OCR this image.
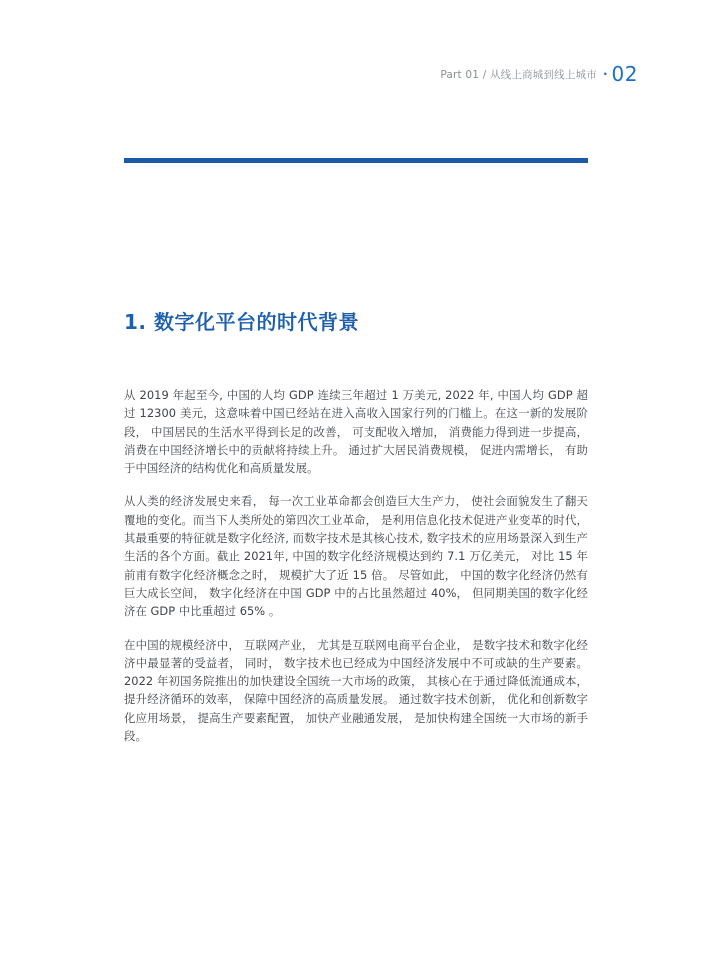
Part 01 / 从线上商城到线上城市 · 02
1. 数字化平台的时代背景

从 2019 年起至今, 中国的人均 GDP 连续三年超过 1 万美元, 2022 年, 中国人均 GDP 超过 12300 美元，这意味着中国已经站在进入高收入国家行列的门槛上。在这一新的发展阶段， 中国居民的生活水平得到长足的改善， 可支配收入增加， 消费能力得到进一步提高， 消费在中国经济增长中的贡献将持续上升。 通过扩大居民消费规模， 促进内需增长， 有助于中国经济的结构优化和高质量发展。

从人类的经济发展史来看， 每一次工业革命都会创造巨大生产力， 使社会面貌发生了翻天覆地的变化。而当下人类所处的第四次工业革命， 是利用信息化技术促进产业变革的时代， 其最重要的特征就是数字化经济, 而数字技术是其核心技术, 数字技术的应用场景深入到生产生活的各个方面。截止 2021年, 中国的数字化经济规模达到约 7.1 万亿美元， 对比 15 年前甫有数字化经济概念之时， 规模扩大了近 15 倍。 尽管如此， 中国的数字化经济仍然有巨大成长空间， 数字化经济在中国 GDP 中的占比虽然超过 40%， 但同期美国的数字化经济在 GDP 中比重超过 65% 。

在中国的规模经济中， 互联网产业， 尤其是互联网电商平台企业， 是数字技术和数字化经济中最显著的受益者， 同时， 数字技术也已经成为中国经济发展中不可或缺的生产要素。 2022 年初国务院推出的加快建设全国统一大市场的政策， 其核心在于通过降低流通成本， 提升经济循环的效率， 保障中国经济的高质量发展。 通过数字技术创新， 优化和创新数字化应用场景， 提高生产要素配置， 加快产业融通发展， 是加快构建全国统一大市场的新手段。
